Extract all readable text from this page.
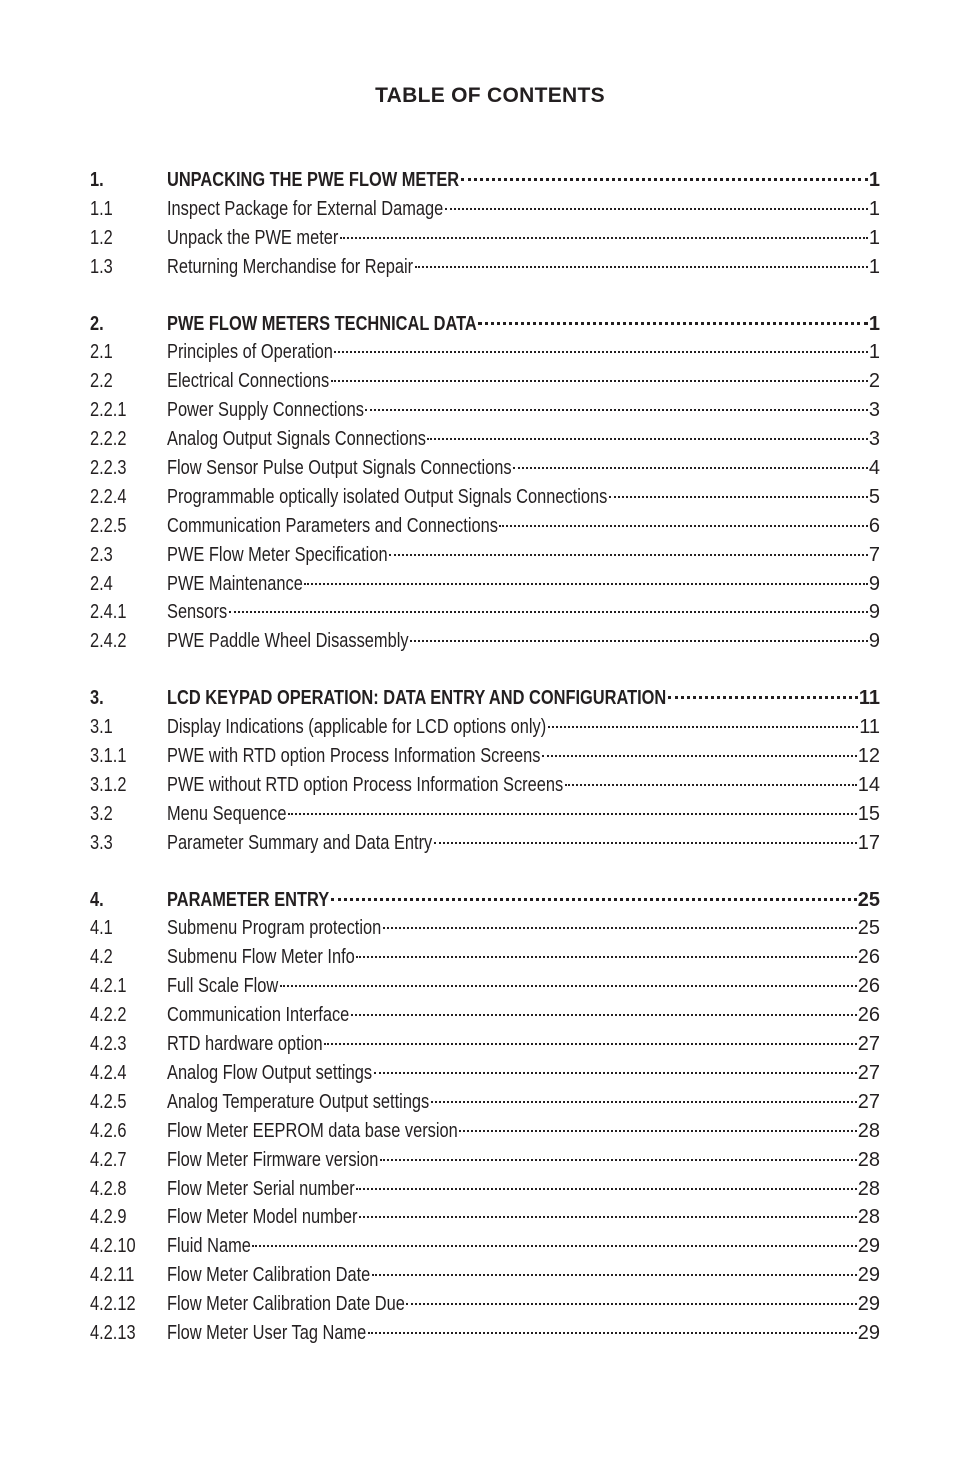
TABLE OF CONTENTS
1.	UNPACKING THE PWE FLOW METER	1
1.1	Inspect Package for External Damage	1
1.2	Unpack the PWE meter	1
1.3	Returning Merchandise for Repair	1
2.	PWE FLOW METERS TECHNICAL DATA	1
2.1	Principles of Operation	1
2.2	Electrical Connections	2
2.2.1	Power Supply Connections	3
2.2.2	Analog Output Signals Connections	3
2.2.3	Flow Sensor Pulse Output Signals Connections	4
2.2.4	Programmable optically isolated Output Signals Connections	5
2.2.5	Communication Parameters and Connections	6
2.3	PWE Flow Meter Specification	7
2.4	PWE Maintenance	9
2.4.1	Sensors	9
2.4.2	PWE Paddle Wheel Disassembly	9
3.	LCD KEYPAD OPERATION: DATA ENTRY AND CONFIGURATION	11
3.1	Display Indications (applicable for LCD options only)	11
3.1.1	PWE with RTD option Process Information Screens	12
3.1.2	PWE without RTD option Process Information Screens	14
3.2	Menu Sequence	15
3.3	Parameter Summary and Data Entry	17
4.	PARAMETER ENTRY	25
4.1	Submenu Program protection	25
4.2	Submenu Flow Meter Info	26
4.2.1	Full Scale Flow	26
4.2.2	Communication Interface	26
4.2.3	RTD hardware option	27
4.2.4	Analog Flow Output settings	27
4.2.5	Analog Temperature Output settings	27
4.2.6	Flow Meter EEPROM data base version	28
4.2.7	Flow Meter Firmware version	28
4.2.8	Flow Meter Serial number	28
4.2.9	Flow Meter Model number	28
4.2.10	Fluid Name	29
4.2.11	Flow Meter Calibration Date	29
4.2.12	Flow Meter Calibration Date Due	29
4.2.13	Flow Meter User Tag Name	29
